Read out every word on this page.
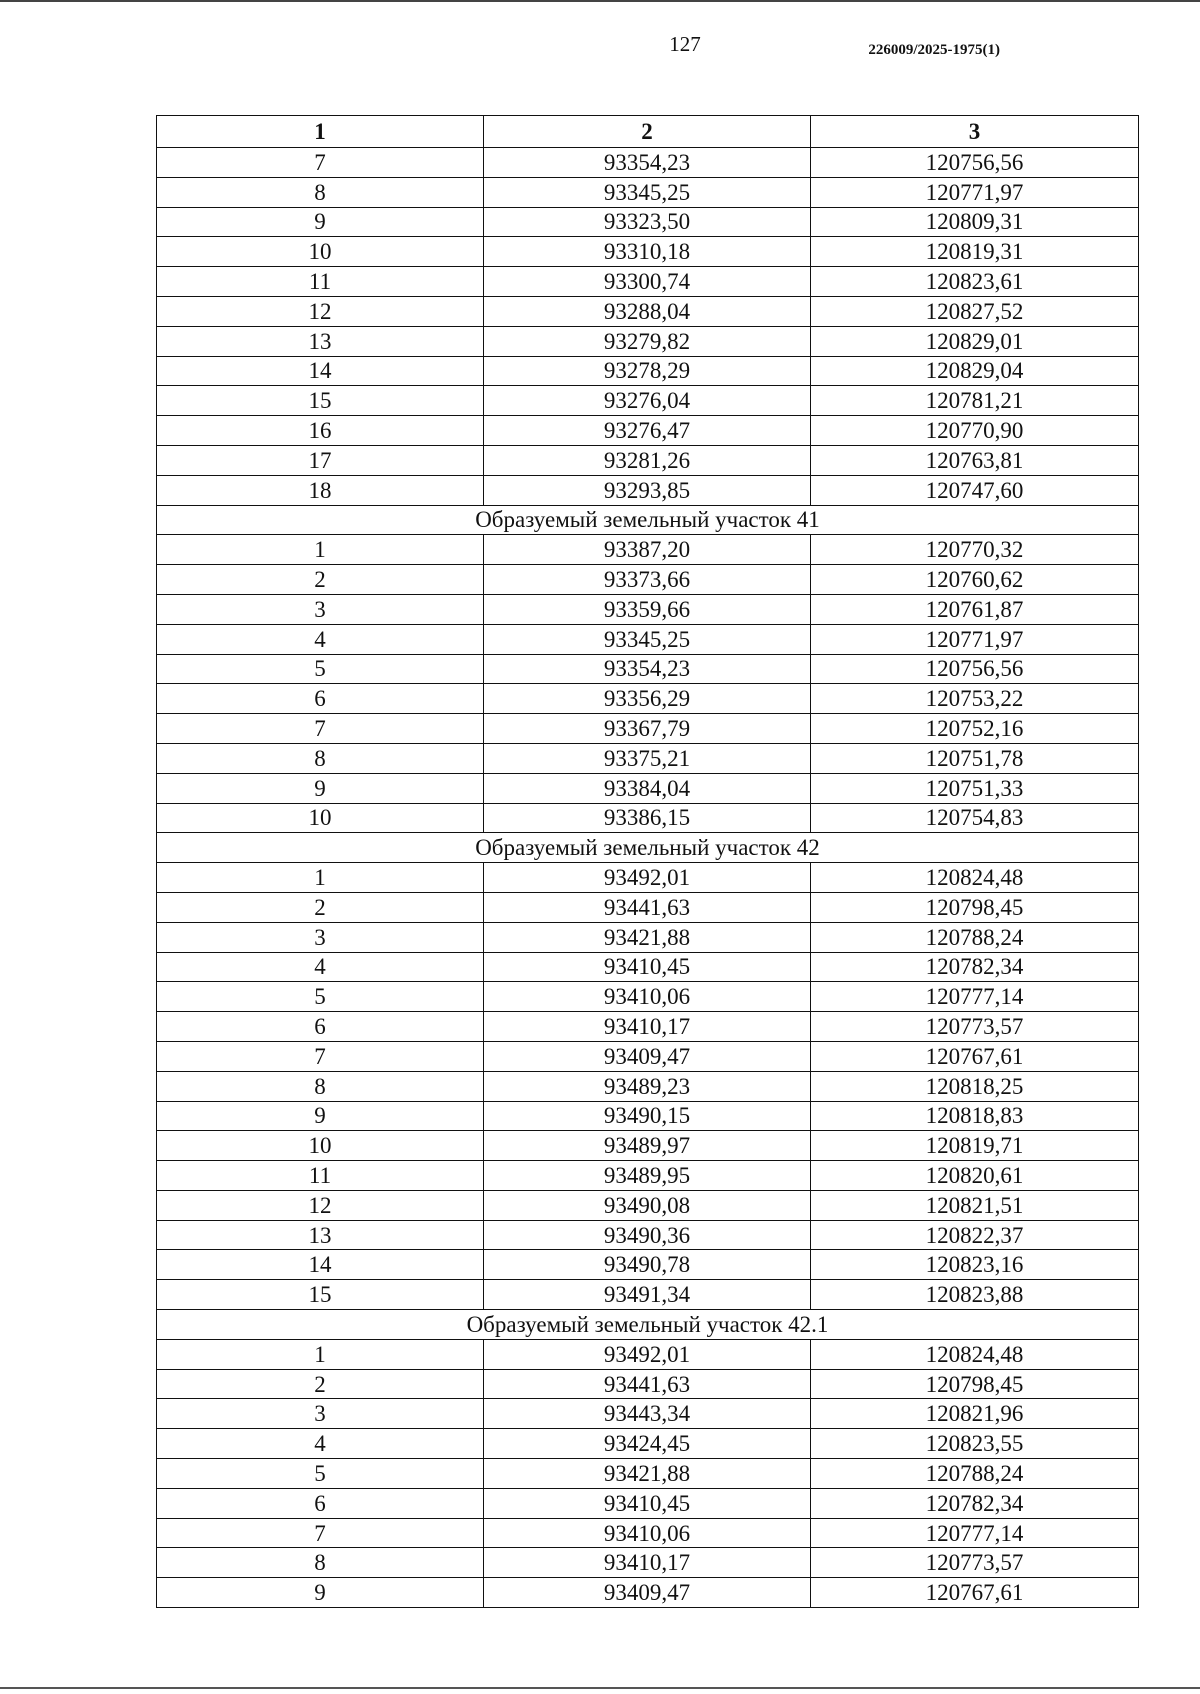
127	226009/2025-1975(1)
1	2	3
7	93354,23	120756,56
8	93345,25	120771,97
9	93323,50	120809,31
10	93310,18	120819,31
11	93300,74	120823,61
12	93288,04	120827,52
13	93279,82	120829,01
14	93278,29	120829,04
15	93276,04	120781,21
16	93276,47	120770,90
17	93281,26	120763,81
18	93293,85	120747,60
Образуемый земельный участок 41		
1	93387,20	120770,32
2	93373,66	120760,62
3	93359,66	120761,87
4	93345,25	120771,97
5	93354,23	120756,56
6	93356,29	120753,22
7	93367,79	120752,16
8	93375,21	120751,78
9	93384,04	120751,33
10	93386,15	120754,83
Образуемый земельный участок 42		
1	93492,01	120824,48
2	93441,63	120798,45
3	93421,88	120788,24
4	93410,45	120782,34
5	93410,06	120777,14
6	93410,17	120773,57
7	93409,47	120767,61
8	93489,23	120818,25
9	93490,15	120818,83
10	93489,97	120819,71
11	93489,95	120820,61
12	93490,08	120821,51
13	93490,36	120822,37
14	93490,78	120823,16
15	93491,34	120823,88
Образуемый земельный участок 42.1		
1	93492,01	120824,48
2	93441,63	120798,45
3	93443,34	120821,96
4	93424,45	120823,55
5	93421,88	120788,24
6	93410,45	120782,34
7	93410,06	120777,14
8	93410,17	120773,57
9	93409,47	120767,61
